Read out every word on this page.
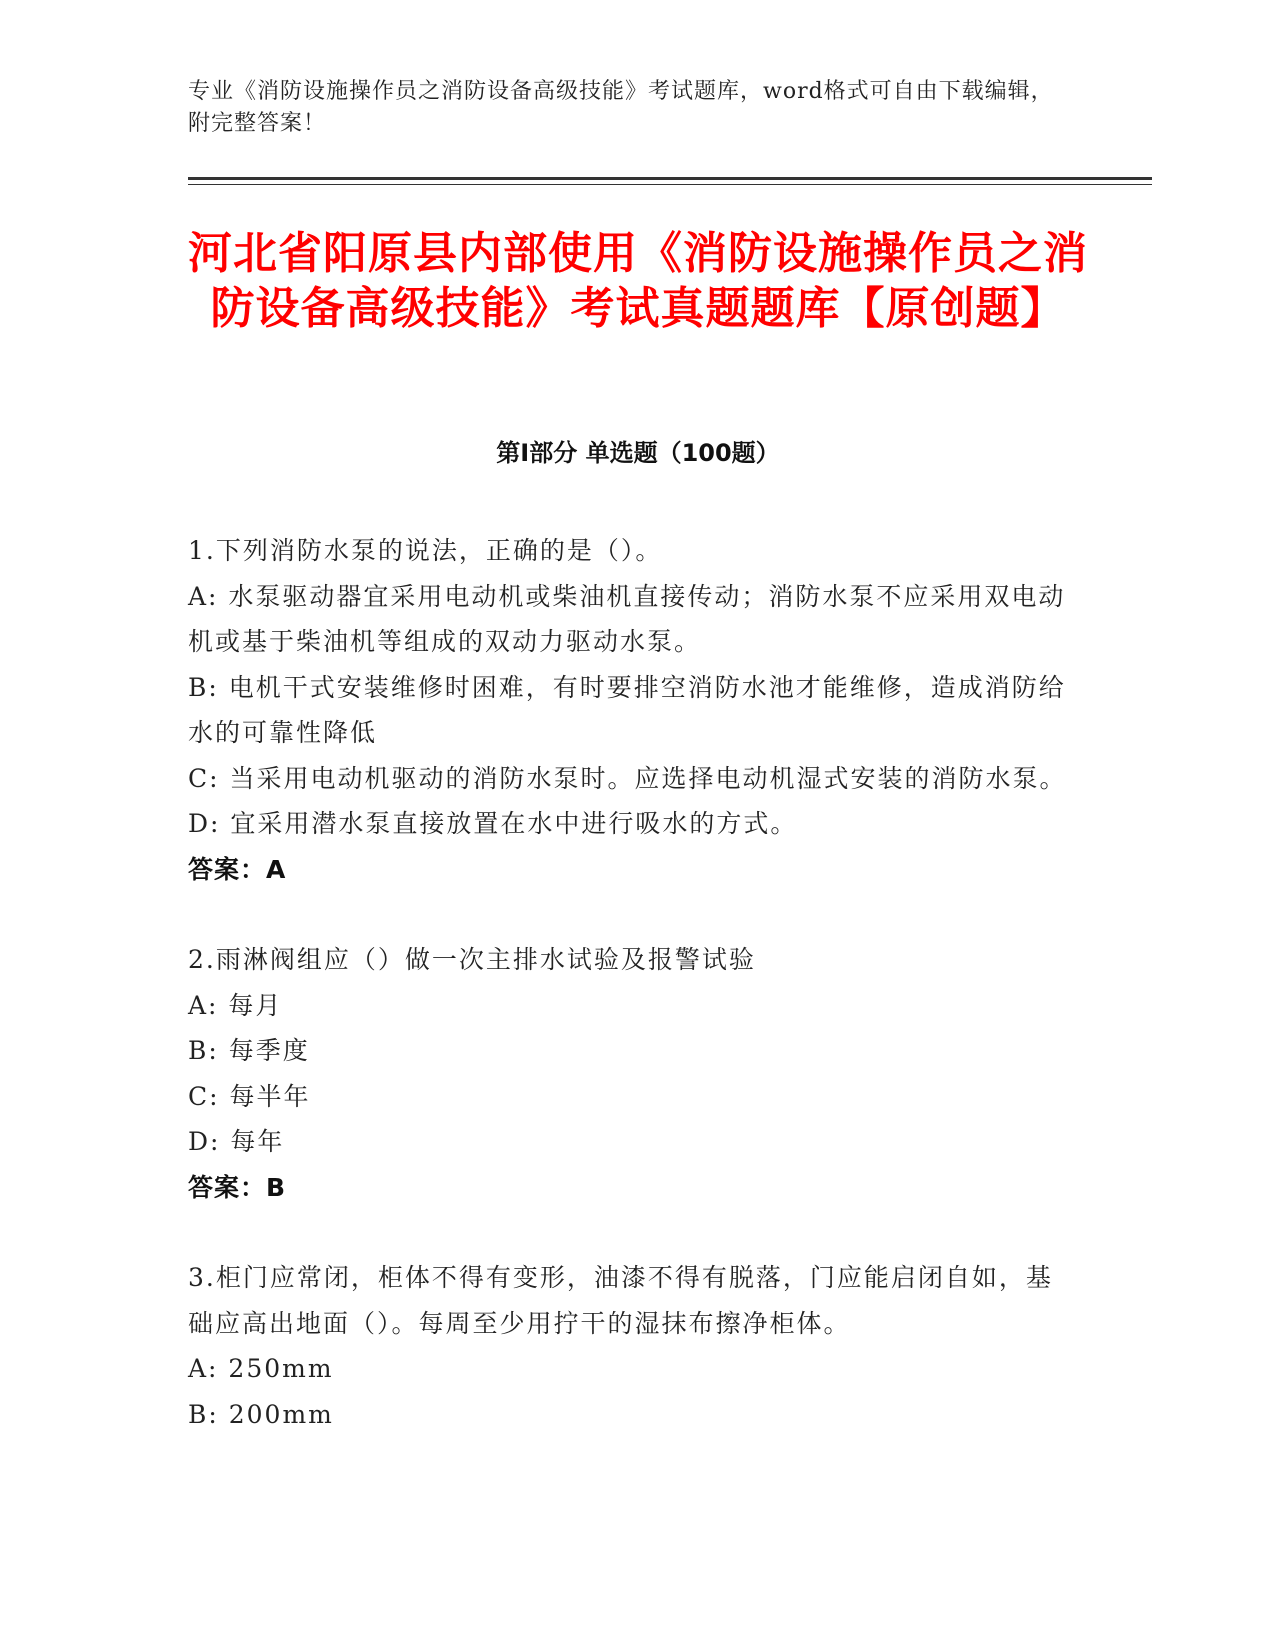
专业《消防设施操作员之消防设备高级技能》考试题库，word格式可自由下载编辑，附完整答案！
河北省阳原县内部使用《消防设施操作员之消防设备高级技能》考试真题题库【原创题】
第Ⅰ部分 单选题（100题）

1.下列消防水泵的说法，正确的是（）。

A: 水泵驱动器宜采用电动机或柴油机直接传动；消防水泵不应采用双电动机或基于柴油机等组成的双动力驱动水泵。

B: 电机干式安装维修时困难，有时要排空消防水池才能维修，造成消防给水的可靠性降低

C: 当采用电动机驱动的消防水泵时。应选择电动机湿式安装的消防水泵。

D: 宜采用潜水泵直接放置在水中进行吸水的方式。

答案：A

2.雨淋阀组应（）做一次主排水试验及报警试验

A: 每月

B: 每季度

C: 每半年

D: 每年

答案：B

3.柜门应常闭，柜体不得有变形，油漆不得有脱落，门应能启闭自如，基础应高出地面（）。每周至少用拧干的湿抹布擦净柜体。

A: 250mm

B: 200mm
